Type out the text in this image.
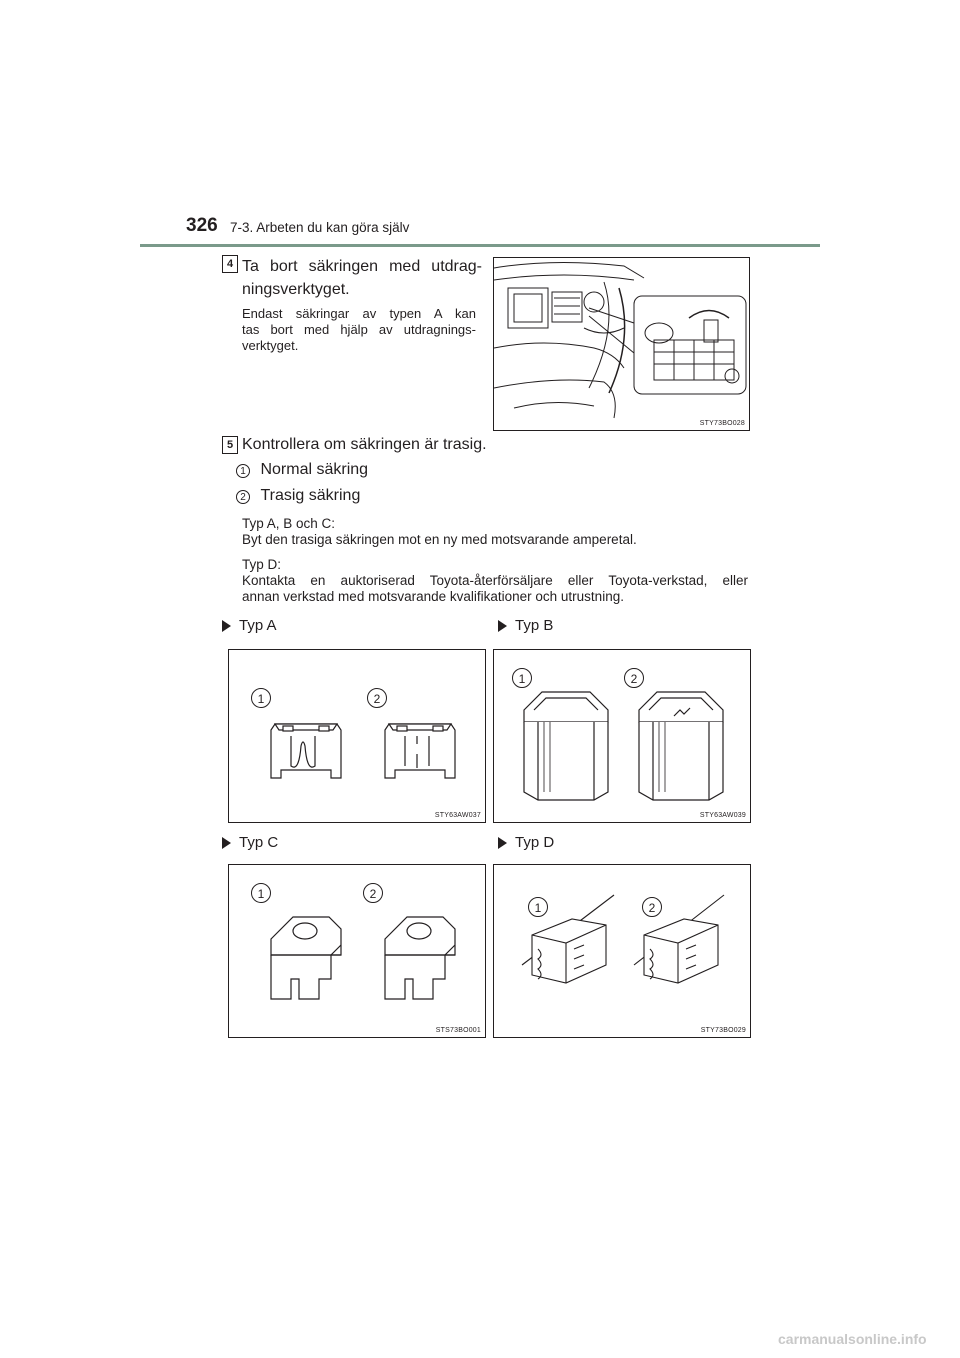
326 7-3. Arbeten du kan göra själv
4 Ta bort säkringen med utdrag-
ningsverktyget.
Endast säkringar av typen A kan
tas bort med hjälp av utdragnings-
verktyget.
STY73BO028
5 Kontrollera om säkringen är trasig.
1 Normal säkring
2 Trasig säkring
Typ A, B och C:
Byt den trasiga säkringen mot en ny med motsvarande amperetal.
Typ D:
Kontakta en auktoriserad Toyota-återförsäljare eller Toyota-verkstad, eller
annan verkstad med motsvarande kvalifikationer och utrustning.
Typ A	Typ B
Typ C	Typ D
1	2
STY63AW037
1	2
STY63AW039
1	2
STS73BO001
1	2
STY73BO029
carmanualsonline.info
